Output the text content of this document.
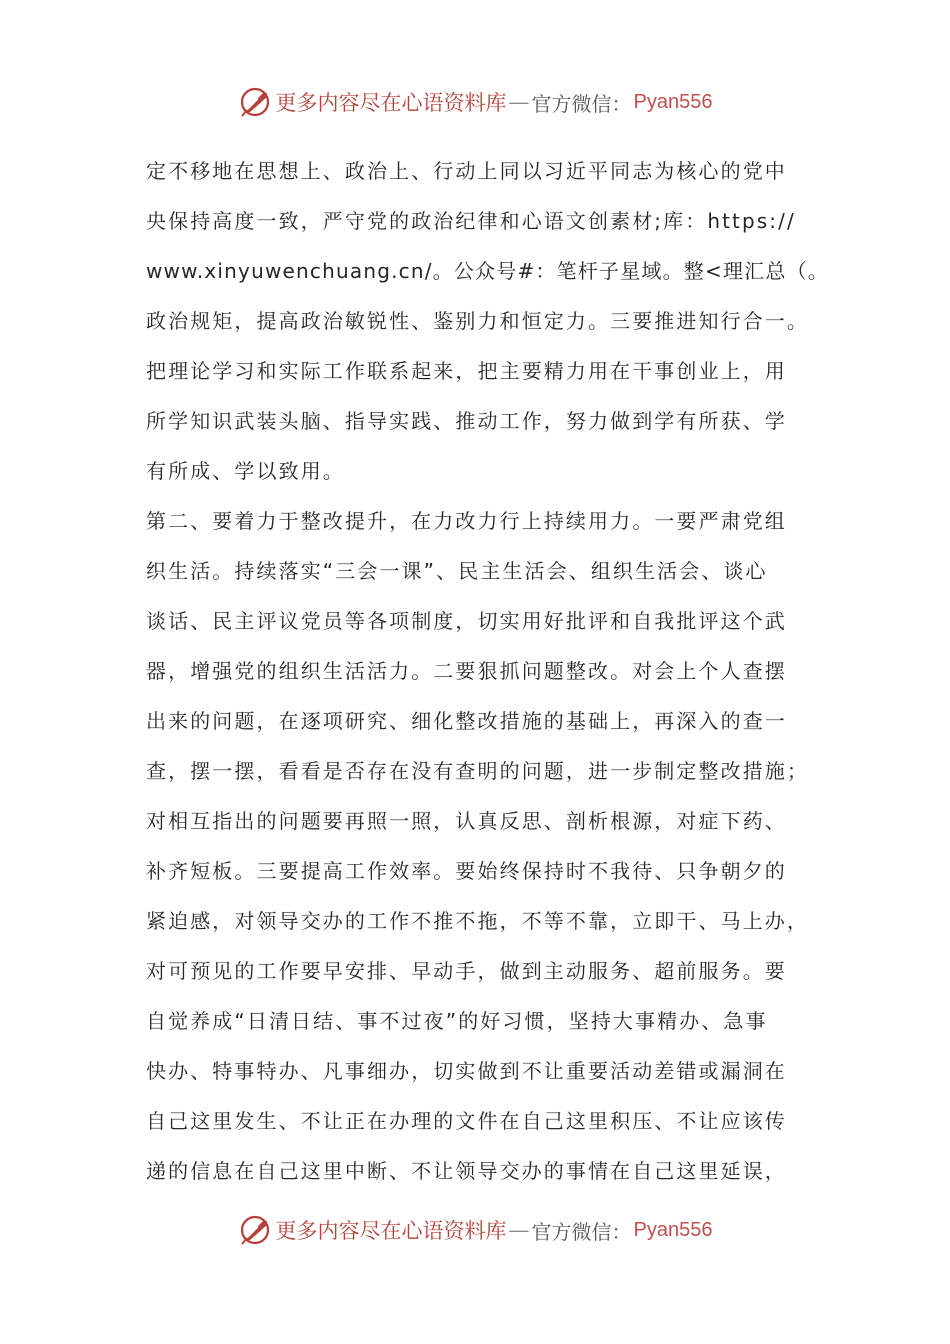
更多内容尽在心语资料库 — 官方微信： Pyan556
定不移地在思想上、政治上、行动上同以习近平同志为核心的党中
央保持高度一致，严守党的政治纪律和心语文创素材;库：https://
www.xinyuwenchuang.cn/。公众号#：笔杆子星域。整<理汇总（。
政治规矩，提高政治敏锐性、鉴别力和恒定力。三要推进知行合一。
把理论学习和实际工作联系起来，把主要精力用在干事创业上，用
所学知识武装头脑、指导实践、推动工作，努力做到学有所获、学
有所成、学以致用。
第二、要着力于整改提升，在力改力行上持续用力。一要严肃党组
织生活。持续落实“三会一课”、民主生活会、组织生活会、谈心
谈话、民主评议党员等各项制度，切实用好批评和自我批评这个武
器，增强党的组织生活活力。二要狠抓问题整改。对会上个人查摆
出来的问题，在逐项研究、细化整改措施的基础上，再深入的查一
查，摆一摆，看看是否存在没有查明的问题，进一步制定整改措施；
对相互指出的问题要再照一照，认真反思、剖析根源，对症下药、
补齐短板。三要提高工作效率。要始终保持时不我待、只争朝夕的
紧迫感，对领导交办的工作不推不拖，不等不靠，立即干、马上办，
对可预见的工作要早安排、早动手，做到主动服务、超前服务。要
自觉养成“日清日结、事不过夜”的好习惯，坚持大事精办、急事
快办、特事特办、凡事细办，切实做到不让重要活动差错或漏洞在
自己这里发生、不让正在办理的文件在自己这里积压、不让应该传
递的信息在自己这里中断、不让领导交办的事情在自己这里延误，
更多内容尽在心语资料库 — 官方微信： Pyan556
